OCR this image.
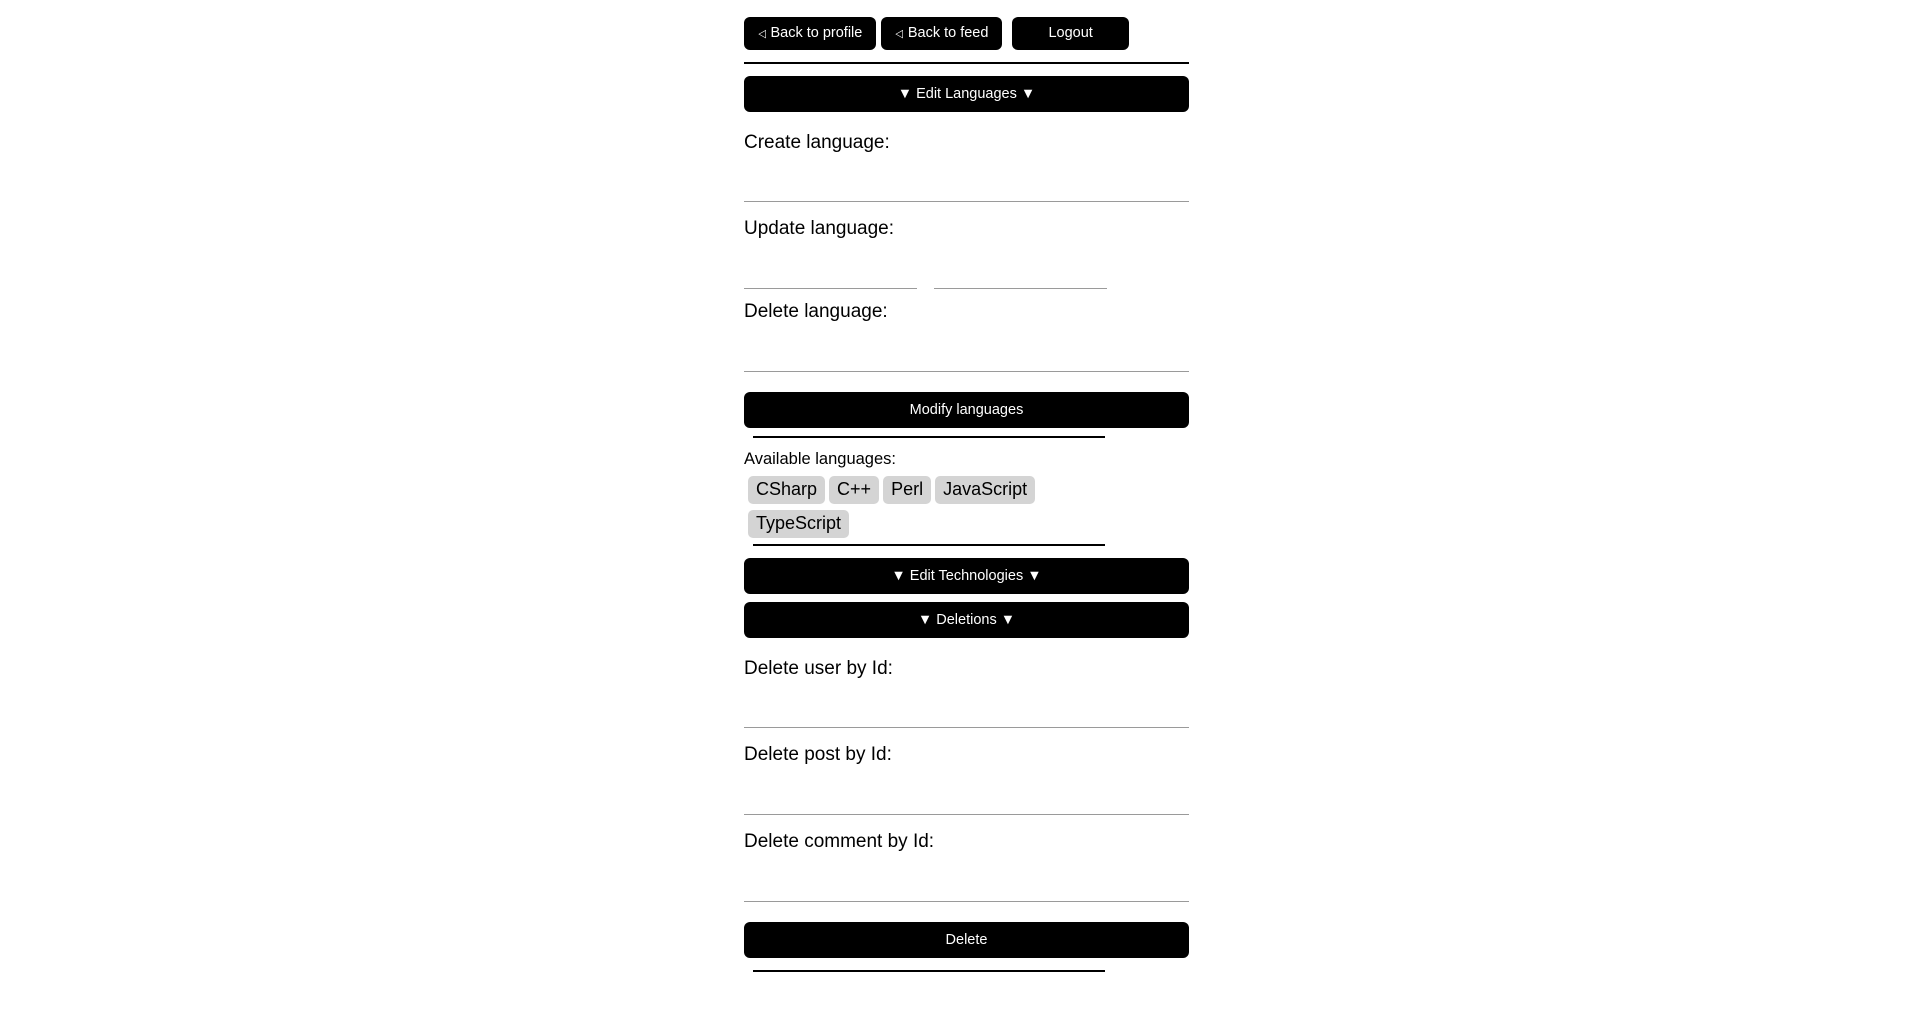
◁ Back to profile	◁ Back to feed	Logout
▼ Edit Languages ▼
Create language:
Update language:
Delete language:
Modify languages
Available languages:
CSharp C++ Perl JavaScriptTypeScript
▼ Edit Technologies ▼
▼ Deletions ▼
Delete user by Id:
Delete post by Id:
Delete comment by Id:
Delete
